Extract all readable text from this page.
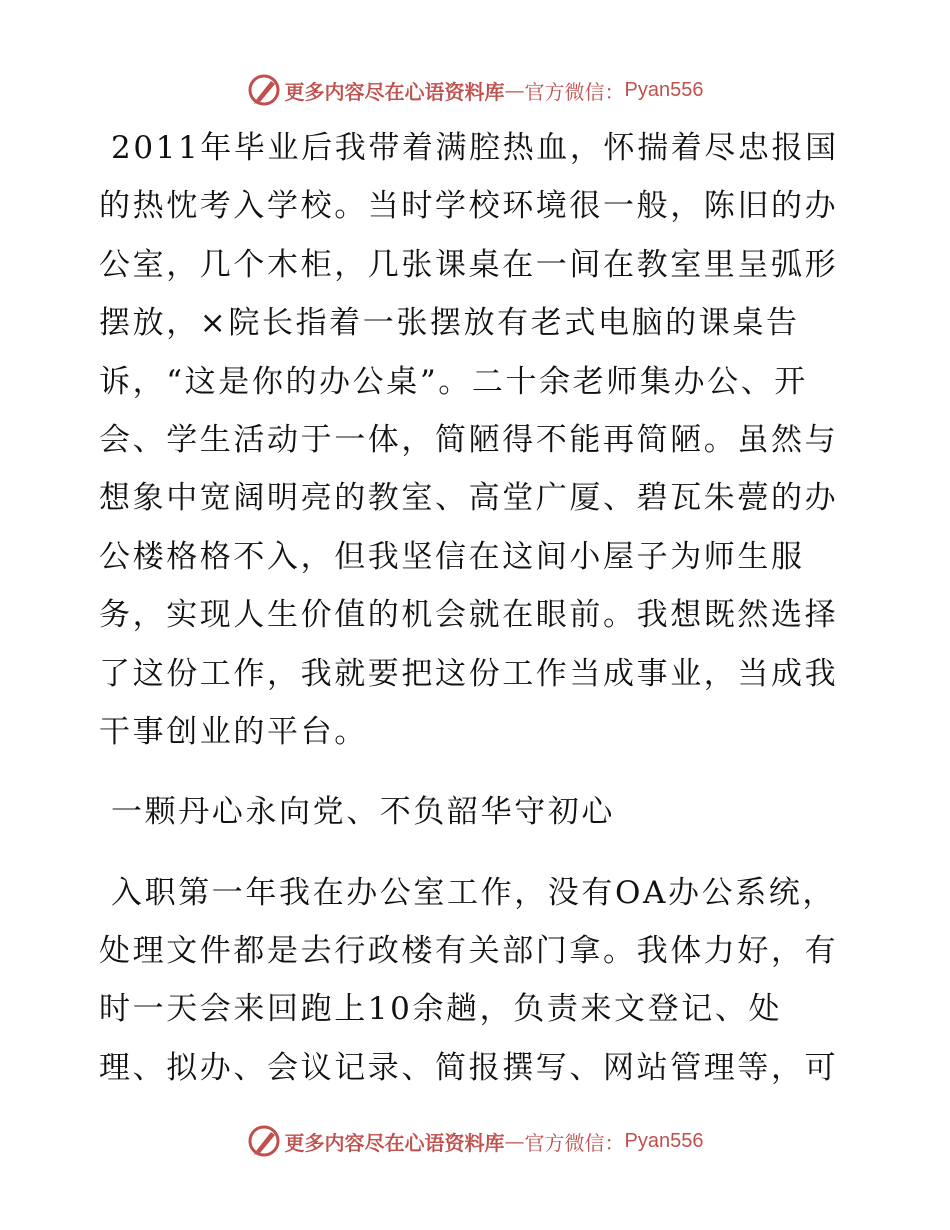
更多内容尽在心语资料库 — 官方微信： Pyan556
2011年毕业后我带着满腔热血，怀揣着尽忠报国
的热忱考入学校。当时学校环境很一般，陈旧的办
公室，几个木柜，几张课桌在一间在教室里呈弧形
摆放，×院长指着一张摆放有老式电脑的课桌告
诉，“这是你的办公桌”。二十余老师集办公、开
会、学生活动于一体，简陋得不能再简陋。虽然与
想象中宽阔明亮的教室、高堂广厦、碧瓦朱甍的办
公楼格格不入，但我坚信在这间小屋子为师生服
务，实现人生价值的机会就在眼前。我想既然选择
了这份工作，我就要把这份工作当成事业，当成我
干事创业的平台。
一颗丹心永向党、不负韶华守初心
入职第一年我在办公室工作，没有OA办公系统，
处理文件都是去行政楼有关部门拿。我体力好，有
时一天会来回跑上10余趟，负责来文登记、处
理、拟办、会议记录、简报撰写、网站管理等，可
更多内容尽在心语资料库 — 官方微信： Pyan556
